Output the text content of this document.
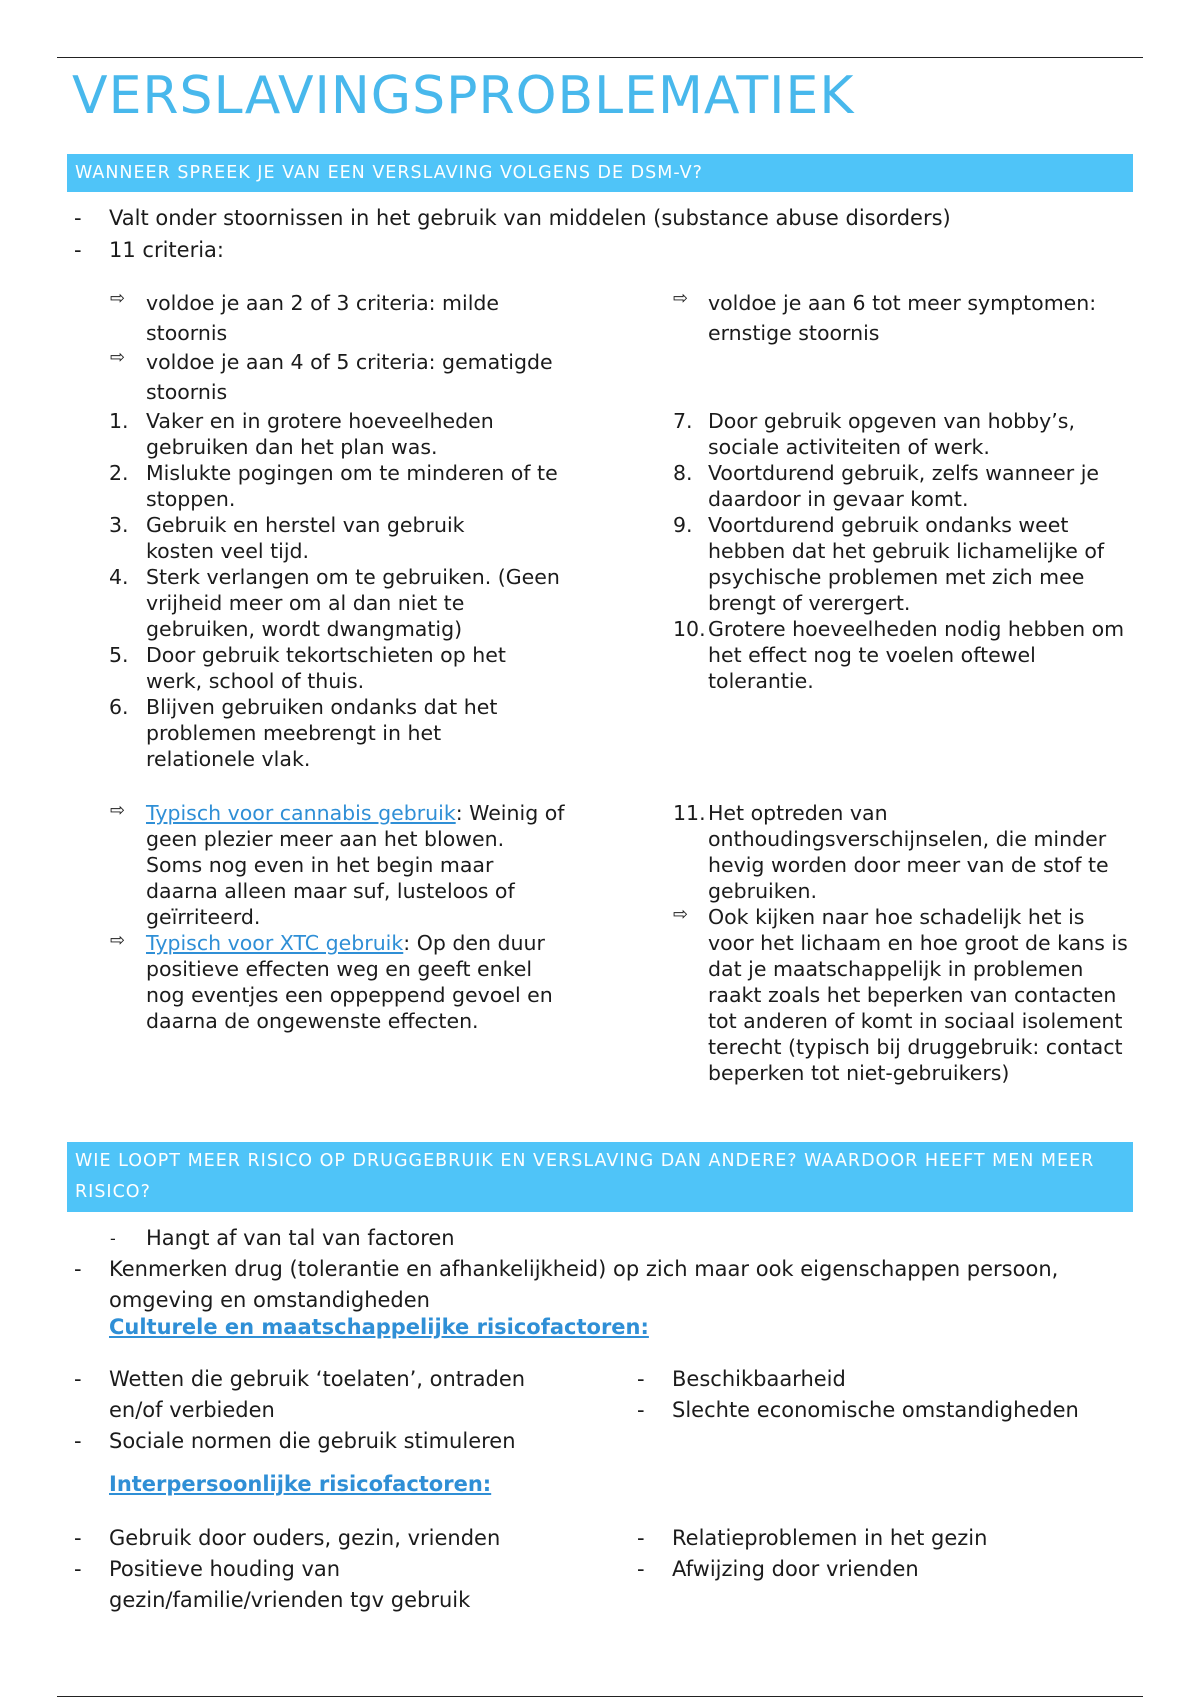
VERSLAVINGSPROBLEMATIEK
WANNEER SPREEK JE VAN EEN VERSLAVING VOLGENS DE DSM-V?
- Valt onder stoornissen in het gebruik van middelen (substance abuse disorders)
- 11 criteria:
⇨ voldoe je aan 2 of 3 criteria: milde stoornis
⇨ voldoe je aan 4 of 5 criteria: gematigde stoornis
⇨ voldoe je aan 6 tot meer symptomen: ernstige stoornis
1. Vaker en in grotere hoeveelheden gebruiken dan het plan was.
2. Mislukte pogingen om te minderen of te stoppen.
3. Gebruik en herstel van gebruik kosten veel tijd.
4. Sterk verlangen om te gebruiken. (Geen vrijheid meer om al dan niet te gebruiken, wordt dwangmatig)
5. Door gebruik tekortschieten op het werk, school of thuis.
6. Blijven gebruiken ondanks dat het problemen meebrengt in het relationele vlak.
7. Door gebruik opgeven van hobby’s, sociale activiteiten of werk.
8. Voortdurend gebruik, zelfs wanneer je daardoor in gevaar komt.
9. Voortdurend gebruik ondanks weet hebben dat het gebruik lichamelijke of psychische problemen met zich mee brengt of verergert.
10. Grotere hoeveelheden nodig hebben om het effect nog te voelen oftewel tolerantie.
⇨ Typisch voor cannabis gebruik: Weinig of geen plezier meer aan het blowen. Soms nog even in het begin maar daarna alleen maar suf, lusteloos of geïrriteerd.
⇨ Typisch voor XTC gebruik: Op den duur positieve effecten weg en geeft enkel nog eventjes een oppeppend gevoel en daarna de ongewenste effecten.
11. Het optreden van onthoudingsverschijnselen, die minder hevig worden door meer van de stof te gebruiken.
⇨ Ook kijken naar hoe schadelijk het is voor het lichaam en hoe groot de kans is dat je maatschappelijk in problemen raakt zoals het beperken van contacten tot anderen of komt in sociaal isolement terecht (typisch bij druggebruik: contact beperken tot niet-gebruikers)
WIE LOOPT MEER RISICO OP DRUGGEBRUIK EN VERSLAVING DAN ANDERE? WAARDOOR HEEFT MEN MEER RISICO?
- Hangt af van tal van factoren
- Kenmerken drug (tolerantie en afhankelijkheid) op zich maar ook eigenschappen persoon, omgeving en omstandigheden
Culturele en maatschappelijke risicofactoren:
- Wetten die gebruik ‘toelaten’, ontraden en/of verbieden
- Sociale normen die gebruik stimuleren
- Beschikbaarheid
- Slechte economische omstandigheden
Interpersoonlijke risicofactoren:
- Gebruik door ouders, gezin, vrienden
- Positieve houding van gezin/familie/vrienden tgv gebruik
- Relatieproblemen in het gezin
- Afwijzing door vrienden
